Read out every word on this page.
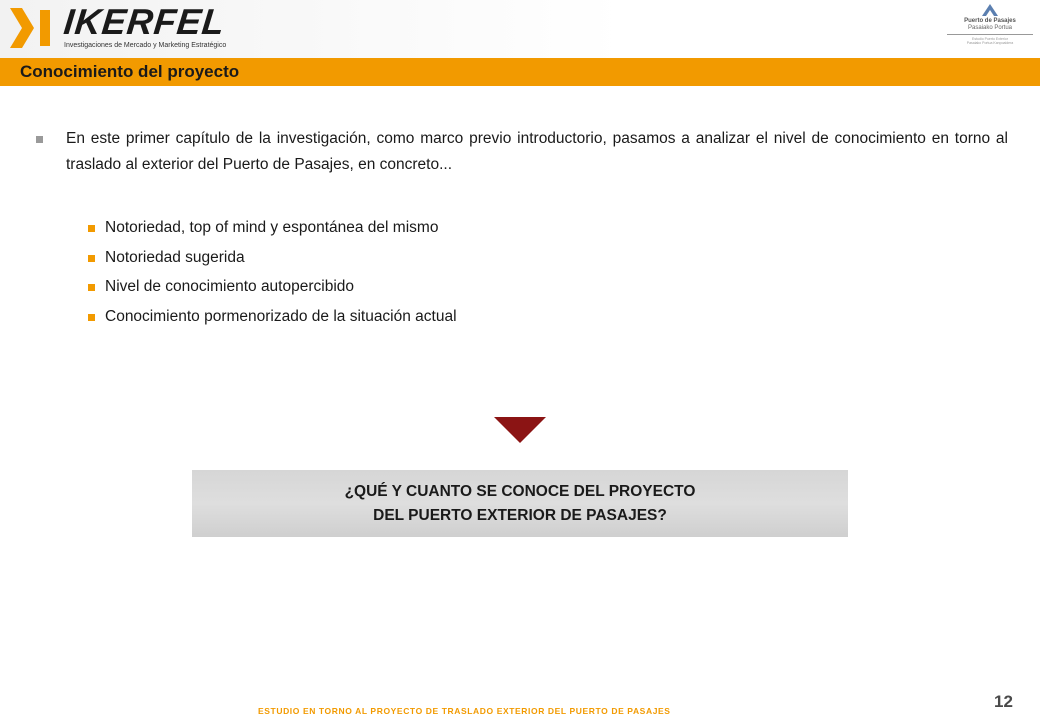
IKERFEL
Investigaciones de Mercado y Marketing Estratégico
Puerto de Pasajes
Pasaiako Portua
Estudio Puerto Exterior
Pasaiako Portua Kanpoaldera
Conocimiento del proyecto

En este primer capítulo de la investigación, como marco previo introductorio, pasamos a analizar el nivel de conocimiento en torno al traslado al exterior del Puerto de Pasajes, en concreto...

Notoriedad, top of mind y espontánea del mismo
Notoriedad sugerida
Nivel de conocimiento autopercibido
Conocimiento pormenorizado de la situación actual
¿QUÉ Y CUANTO SE CONOCE DEL PROYECTO
DEL PUERTO EXTERIOR DE PASAJES?
ESTUDIO EN TORNO AL PROYECTO DE TRASLADO EXTERIOR DEL PUERTO DE PASAJES	12
